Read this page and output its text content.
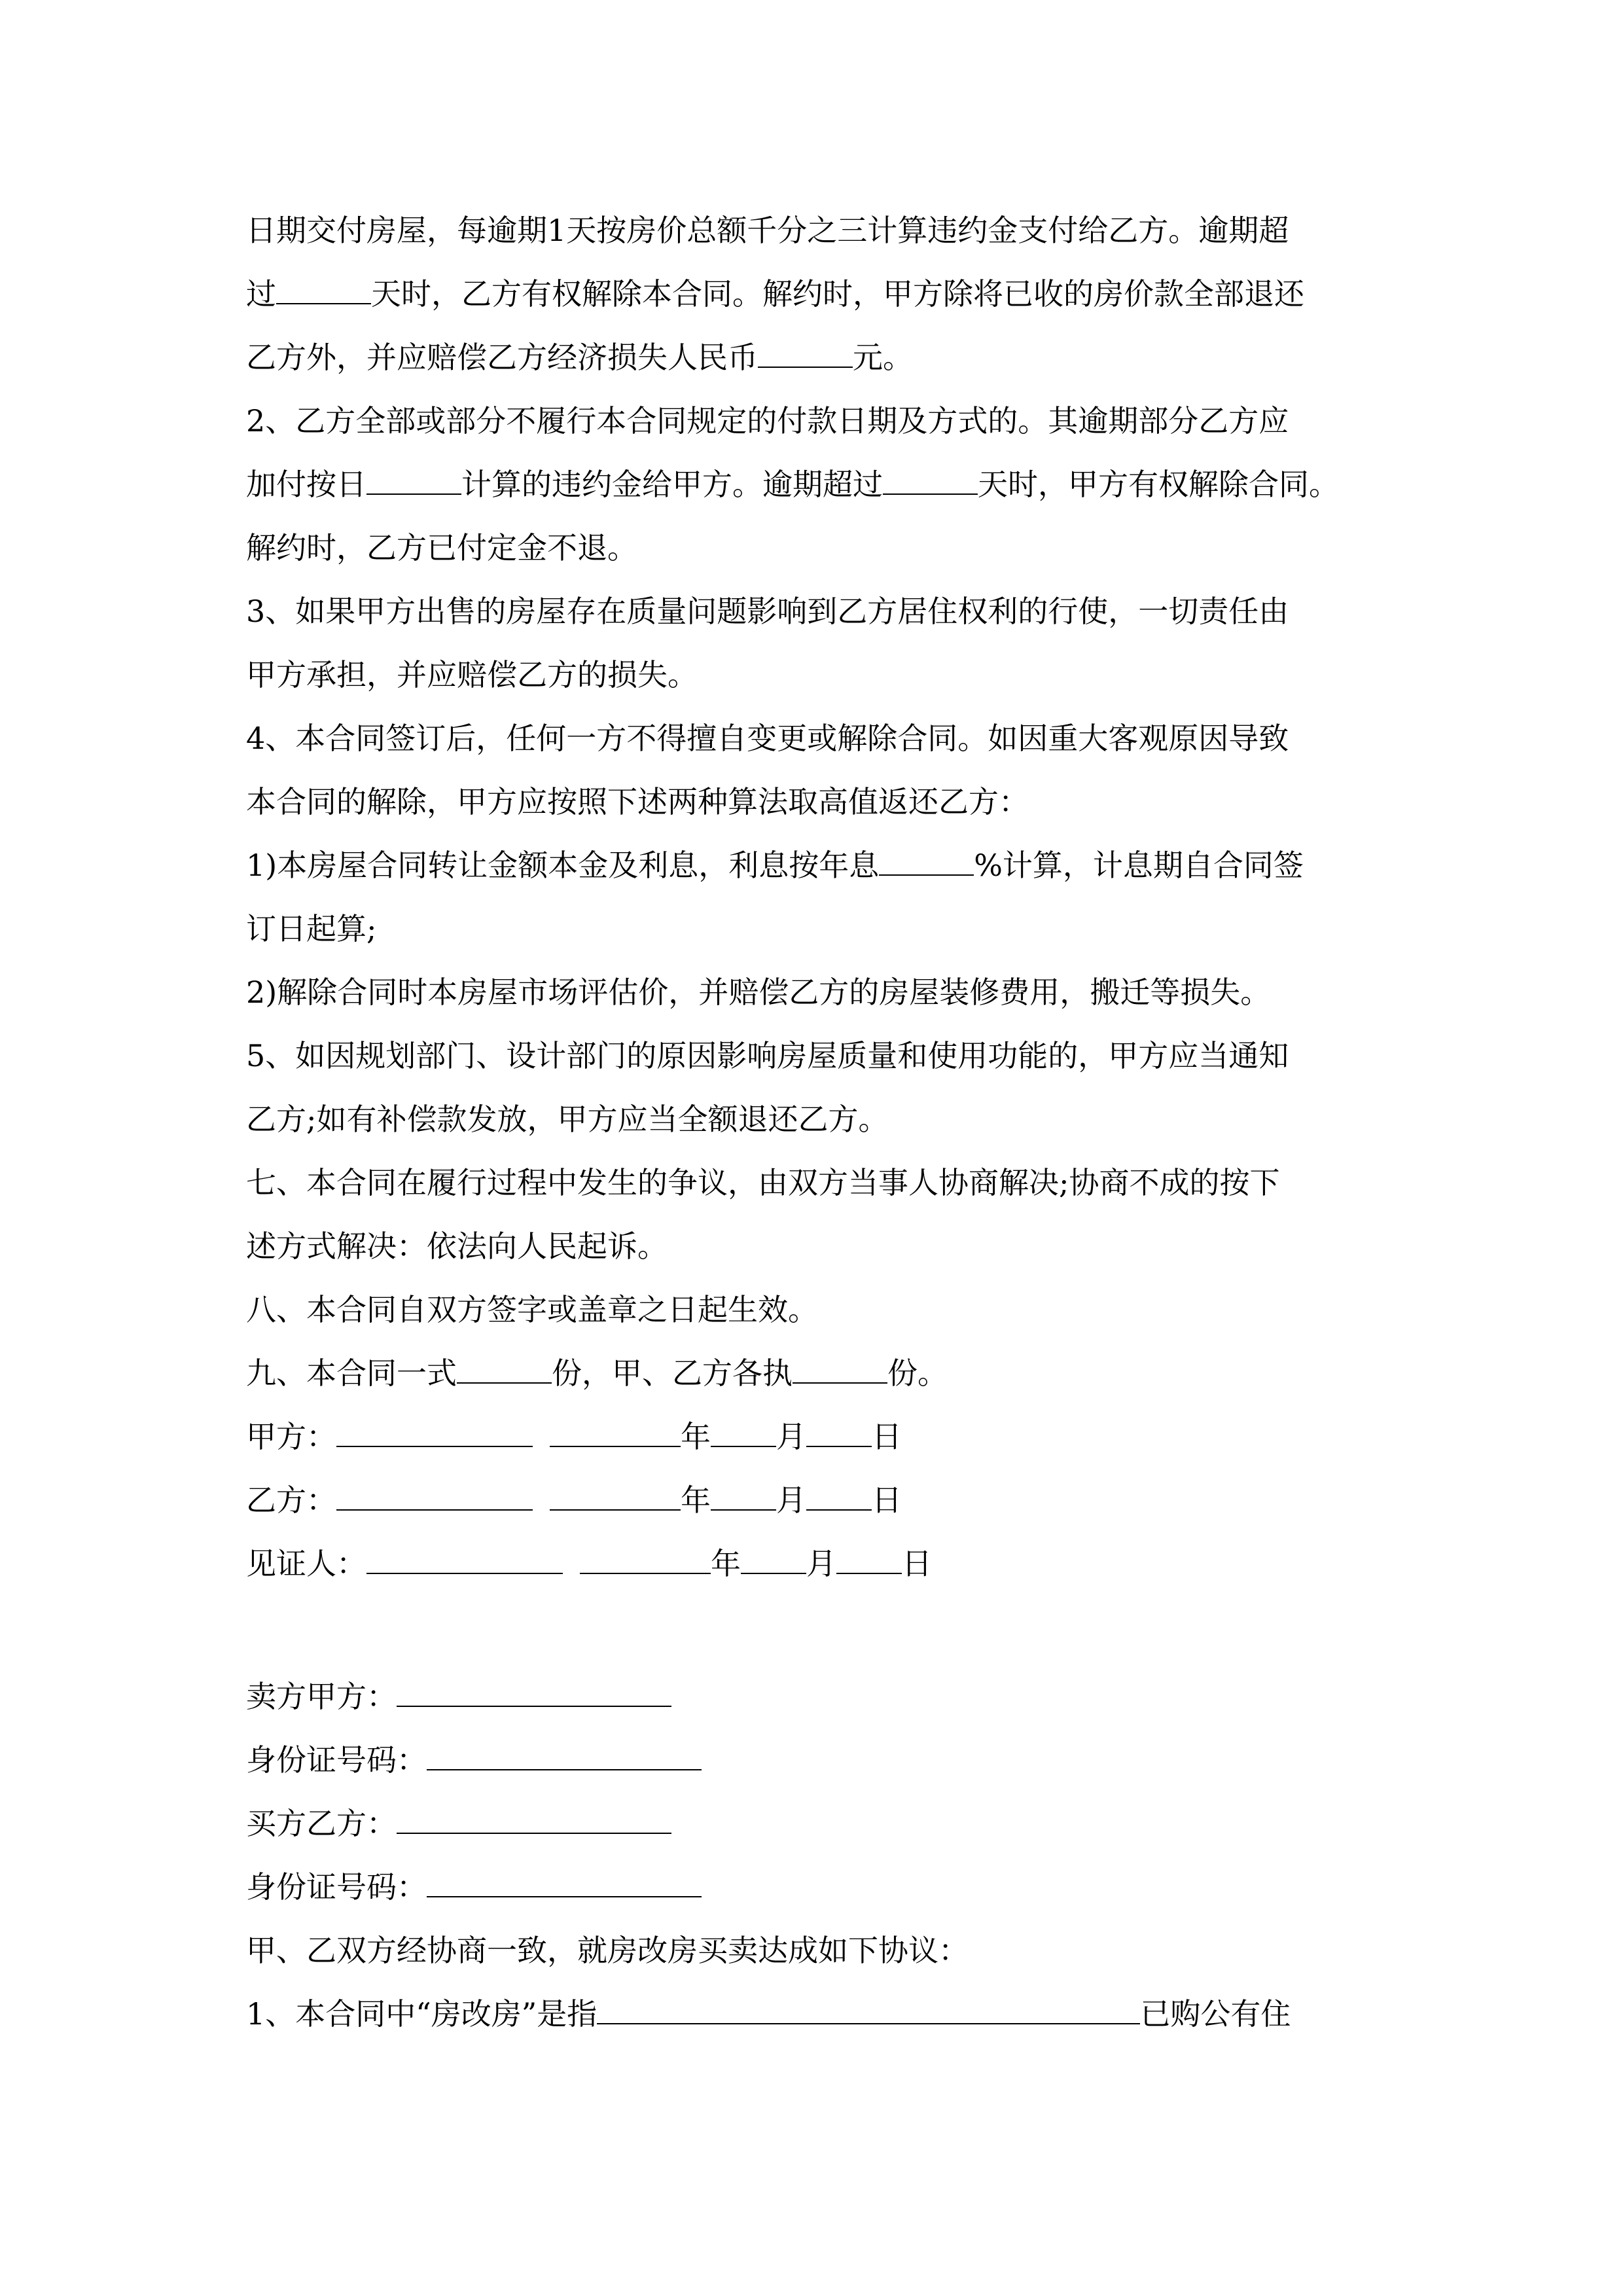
日期交付房屋，每逾期1天按房价总额千分之三计算违约金支付给乙方。逾期超
过	天时，乙方有权解除本合同。解约时，甲方除将已收的房价款全部退还
乙方外，并应赔偿乙方经济损失人民币	元。
2、乙方全部或部分不履行本合同规定的付款日期及方式的。其逾期部分乙方应
加付按日	计算的违约金给甲方。逾期超过	天时，甲方有权解除合同。
解约时，乙方已付定金不退。
3、如果甲方出售的房屋存在质量问题影响到乙方居住权利的行使，一切责任由
甲方承担，并应赔偿乙方的损失。
4、本合同签订后，任何一方不得擅自变更或解除合同。如因重大客观原因导致
本合同的解除，甲方应按照下述两种算法取高值返还乙方：
1)本房屋合同转让金额本金及利息，利息按年息	%计算，计息期自合同签
订日起算;
2)解除合同时本房屋市场评估价，并赔偿乙方的房屋装修费用，搬迁等损失。
5、如因规划部门、设计部门的原因影响房屋质量和使用功能的，甲方应当通知
乙方;如有补偿款发放，甲方应当全额退还乙方。
七、本合同在履行过程中发生的争议，由双方当事人协商解决;协商不成的按下
述方式解决：依法向人民起诉。
八、本合同自双方签字或盖章之日起生效。
九、本合同一式	份，甲、乙方各执	份。
甲方：	年 月 日
乙方：	年 月 日
见证人：	年 月 日
卖方甲方：
身份证号码：
买方乙方：
身份证号码：
甲、乙双方经协商一致，就房改房买卖达成如下协议：
1、本合同中“房改房”是指	已购公有住
